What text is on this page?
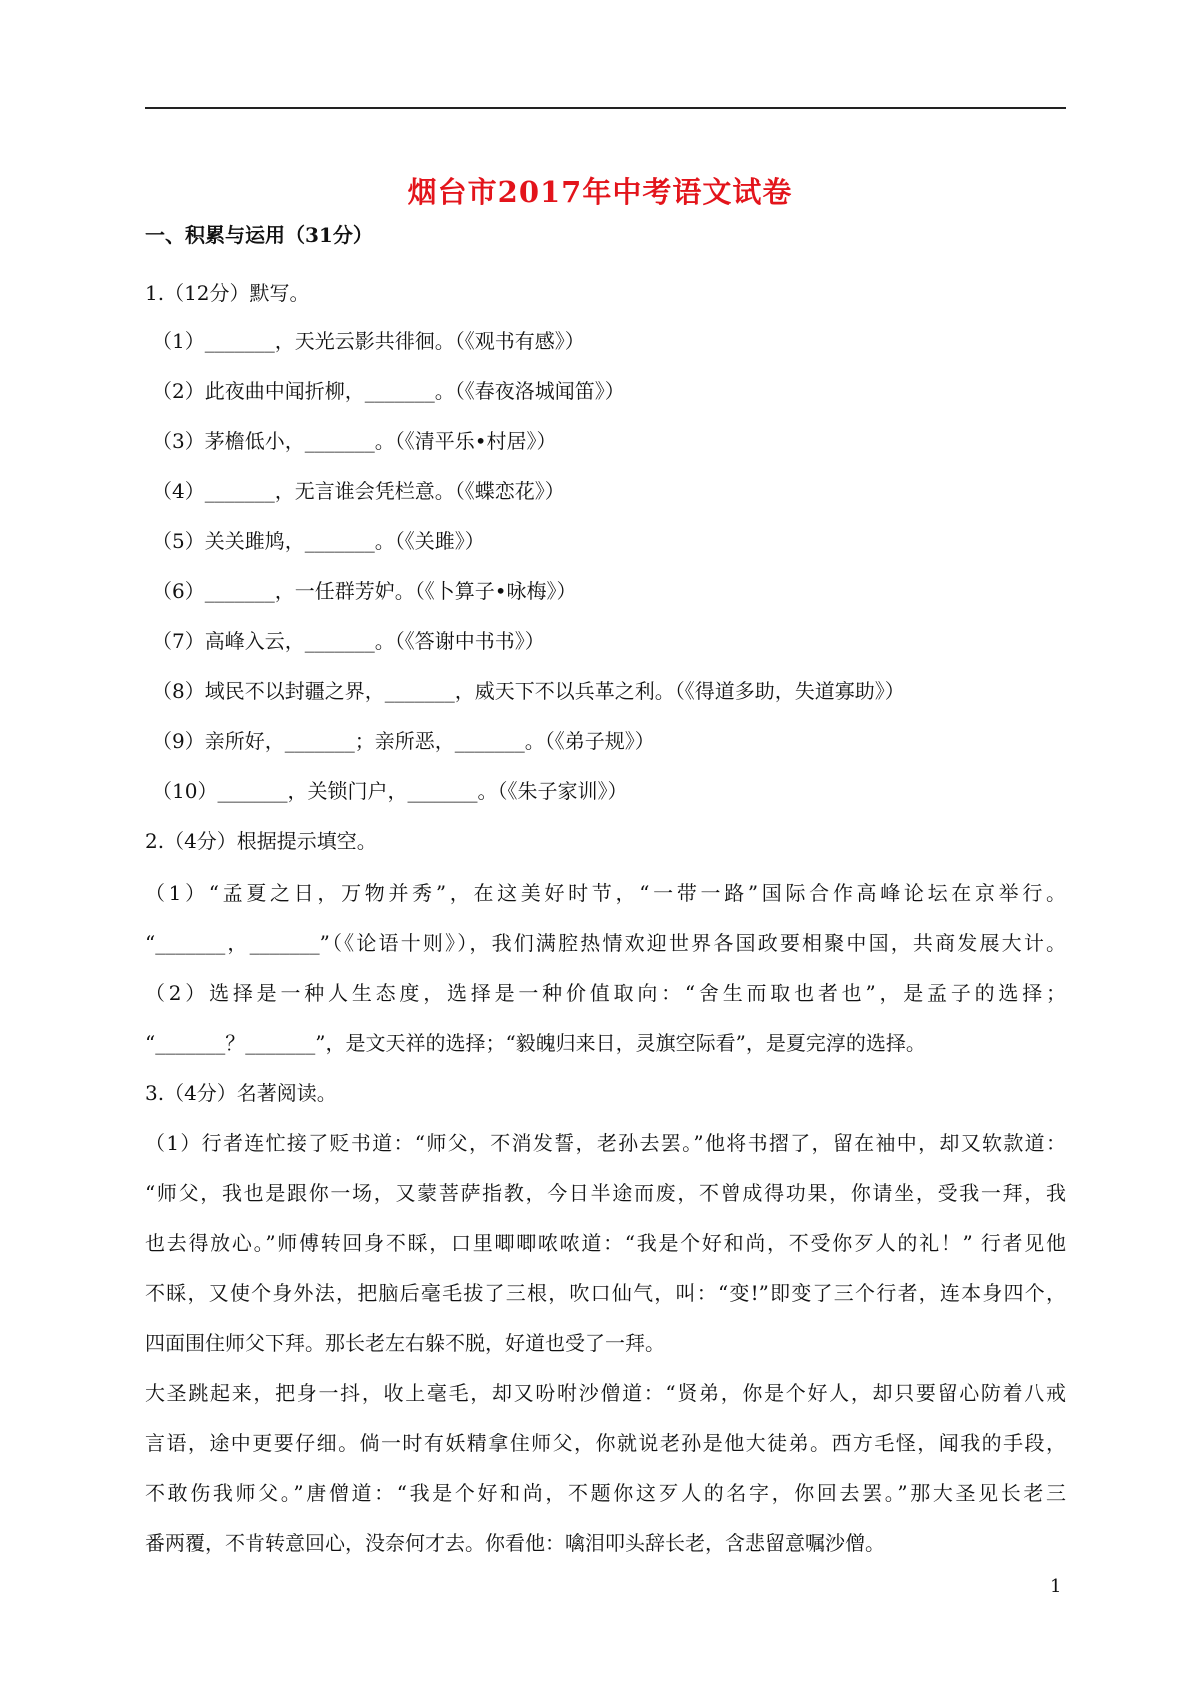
烟台市2017年中考语文试卷
一、积累与运用（31分）
1.（12分）默写。
（1）_______，天光云影共徘徊。（《观书有感》）
（2）此夜曲中闻折柳，_______。（《春夜洛城闻笛》）
（3）茅檐低小，_______。（《清平乐•村居》）
（4）_______，无言谁会凭栏意。（《蝶恋花》）
（5）关关雎鸠，_______。（《关雎》）
（6）_______，一任群芳妒。（《卜算子•咏梅》）
（7）高峰入云，_______。（《答谢中书书》）
（8）域民不以封疆之界，_______，威天下不以兵革之利。（《得道多助，失道寡助》）
（9）亲所好，_______；亲所恶，_______。（《弟子规》）
（10）_______，关锁门户，_______。（《朱子家训》）
2.（4分）根据提示填空。
（1）“孟夏之日，万物并秀”，在这美好时节，“一带一路”国际合作高峰论坛在京举行。
“_______，_______”（《论语十则》），我们满腔热情欢迎世界各国政要相聚中国，共商发展大计。
（2）选择是一种人生态度，选择是一种价值取向：“舍生而取也者也”，是孟子的选择；
“_______？_______”，是文天祥的选择；“毅魄归来日，灵旗空际看”，是夏完淳的选择。
3.（4分）名著阅读。
（1）行者连忙接了贬书道：“师父，不消发誓，老孙去罢。”他将书摺了，留在袖中，却又软款道：
“师父，我也是跟你一场，又蒙菩萨指教，今日半途而废，不曾成得功果，你请坐，受我一拜，我
也去得放心。”师傅转回身不睬，口里唧唧哝哝道：“我是个好和尚，不受你歹人的礼！” 行者见他
不睬，又使个身外法，把脑后毫毛拔了三根，吹口仙气，叫：“变!”即变了三个行者，连本身四个，
四面围住师父下拜。那长老左右躲不脱，好道也受了一拜。
大圣跳起来，把身一抖，收上毫毛，却又吩咐沙僧道：“贤弟，你是个好人，却只要留心防着八戒
言语，途中更要仔细。倘一时有妖精拿住师父，你就说老孙是他大徒弟。西方毛怪，闻我的手段，
不敢伤我师父。”唐僧道：“我是个好和尚，不题你这歹人的名字，你回去罢。”那大圣见长老三
番两覆，不肯转意回心，没奈何才去。你看他：噙泪叩头辞长老，含悲留意嘱沙僧。
1
